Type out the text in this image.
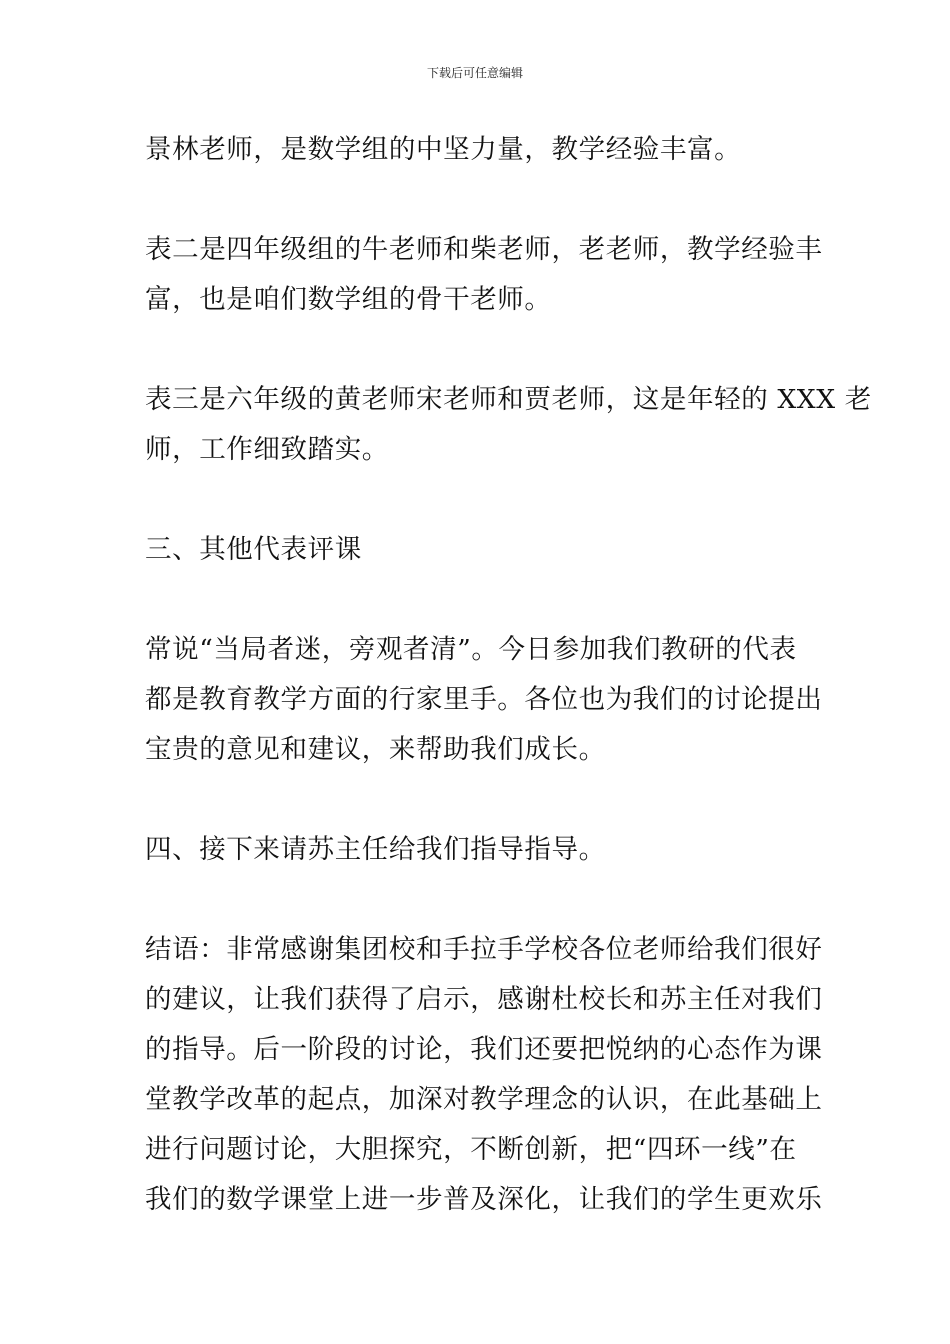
下载后可任意编辑

景林老师，是数学组的中坚力量，教学经验丰富。

表二是四年级组的牛老师和柴老师，老老师，教学经验丰
富，也是咱们数学组的骨干老师。

表三是六年级的黄老师宋老师和贾老师，这是年轻的 XXX 老
师，工作细致踏实。

三、其他代表评课

常说“当局者迷，旁观者清”。今日参加我们教研的代表
都是教育教学方面的行家里手。各位也为我们的讨论提出
宝贵的意见和建议，来帮助我们成长。

四、接下来请苏主任给我们指导指导。

结语：非常感谢集团校和手拉手学校各位老师给我们很好
的建议，让我们获得了启示，感谢杜校长和苏主任对我们
的指导。后一阶段的讨论，我们还要把悦纳的心态作为课
堂教学改革的起点，加深对教学理念的认识，在此基础上
进行问题讨论，大胆探究，不断创新，把“四环一线”在
我们的数学课堂上进一步普及深化，让我们的学生更欢乐
